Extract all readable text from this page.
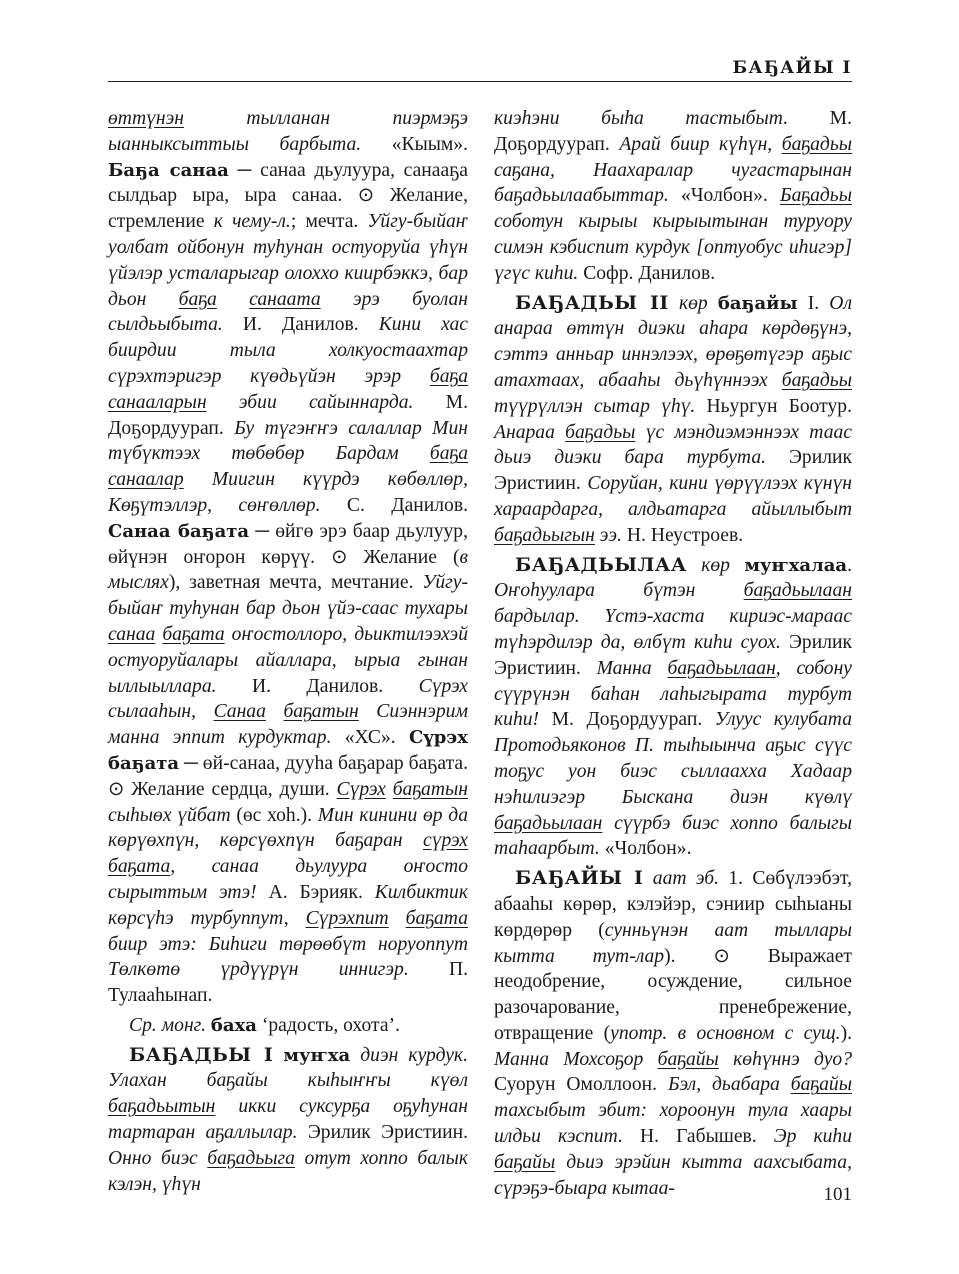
БАҔАЙЫ I

өттүнэн тылланан пиэрмэҕэ ыанныксыттыы барбыта. «Кыым». Баҕа санаа ─ санаа дьулуура, санааҕа сылдьар ыра, ыра санаа. ⊙ Желание, стремление к чему-л.; мечта. Уйгу-быйаҥ уолбат ойбонун туһунан остуоруйа үһүн үйэлэр усталарыгар олоххо киирбэккэ, бар дьон баҕа санаата эрэ буолан сылдьыбыта. И. Данилов. Кини хас биирдии тыла холкуостаахтар сүрэхтэригэр күөдьүйэн эрэр баҕа санааларын эбии сайыннарда. М. Доҕордуурап. Бу түгэҥҥэ салаллар Мин түбүктээх төбөбөр Бардам баҕа санаалар Миигин күүрдэ көбөллөр, Көҕүтэллэр, сөҥөллөр. С. Данилов. Санаа баҕата ─ өйгө эрэ баар дьулуур, өйүнэн оҥорон көрүү. ⊙ Желание (в мыслях), заветная мечта, мечтание. Уйгу-быйаҥ туһунан бар дьон үйэ-саас тухары санаа баҕата оҥостоллоро, дьиктилээхэй остуоруйалары айаллара, ырыа гынан ыллыыллара. И. Данилов. Сүрэх сылааһын, Санаа баҕатын Сиэннэрим манна эппит курдуктар. «ХС». Сүрэх баҕата ─ өй-санаа, дууһа баҕарар баҕата. ⊙ Желание сердца, души. Сүрэх баҕатын сыһыөх үйбат (өс хоһ.). Мин кинини өр да көрүөхпүн, көрсүөхпүн баҕаран сүрэх баҕата, санаа дьулуура оҥосто сырыттым этэ! А. Бэрияк. Килбиктик көрсүһэ турбуппут, Сүрэхпит баҕата биир этэ: Биһиги төрөөбүт норуоппут Төлкөтө үрдүүрүн иннигэр. П. Тулааһынап.

Ср. монг. баха ‘радость, охота’.

БАҔАДЬЫ I муҥха диэн курдук. Улахан баҕайы кыһыҥҥы күөл баҕадьытын икки суксурҕа оҕуһунан тартаран аҕаллылар. Эрилик Эристиин. Онно биэс баҕадьыга отут хоппо балык кэлэн, үһүн

киэһэни быһа тастыбыт. М. Доҕордуурап. Арай биир күһүн, баҕадьы саҕана, Наахаралар чугастарынан баҕадьылаабыттар. «Чолбон». Баҕадьы соботун кырыы кырыытынан туруору симэн кэбиспит курдук [оптуобус иһигэр] үгүс киһи. Софр. Данилов.

БАҔАДЬЫ II көр баҕайы I. Ол анараа өттүн диэки аһара көрдөҕүнэ, сэттэ анньар иннэлээх, өрөҕөтүгэр аҕыс атахтаах, абааһы дьүһүннээх баҕадьы түүрүллэн сытар үһү. Ньургун Боотур. Анараа баҕадьы үс мэндиэмэннээх таас дьиэ диэки бара турбута. Эрилик Эристиин. Соруйан, кини үөрүүлээх күнүн хараардарга, алдьатарга айыллыбыт баҕадьыгын ээ. Н. Неустроев.

БАҔАДЬЫЛАА көр муҥхалаа. Оҥоһуулара бүтэн баҕадьылаан бардылар. Үстэ-хаста кириэс-мараас түһэрдилэр да, өлбүт киһи суох. Эрилик Эристиин. Манна баҕадьылаан, собону сүүрүнэн баһан лаһыгырата турбут киһи! М. Доҕордуурап. Улуус кулубата Протодьяконов П. тыһыынча аҕыс сүүс тоҕус уон биэс сыллааххa Хадаар нэһилиэгэр Быскана диэн күөлү баҕадьылаан сүүрбэ биэс хоппо балыгы таһаарбыт. «Чолбон».

БАҔАЙЫ I аат эб. 1. Сөбүлээбэт, абааһы көрөр, кэлэйэр, сэниир сыһыаны көрдөрөр (сунньүнэн аат тыллары кытта тут-лар). ⊙ Выражает неодобрение, осуждение, сильное разочарование, пренебрежение, отвращение (употр. в основном с сущ.). Манна Мохсоҕор баҕайы көһүннэ дуо? Суорун Омоллоон. Бэл, дьабара баҕайы тахсыбыт эбит: хороонун тула хаары илдьи кэспит. Н. Габышев. Эр киһи баҕайы дьиэ эрэйин кытта аахсыбата, сүрэҕэ-быара кытаа-	101
